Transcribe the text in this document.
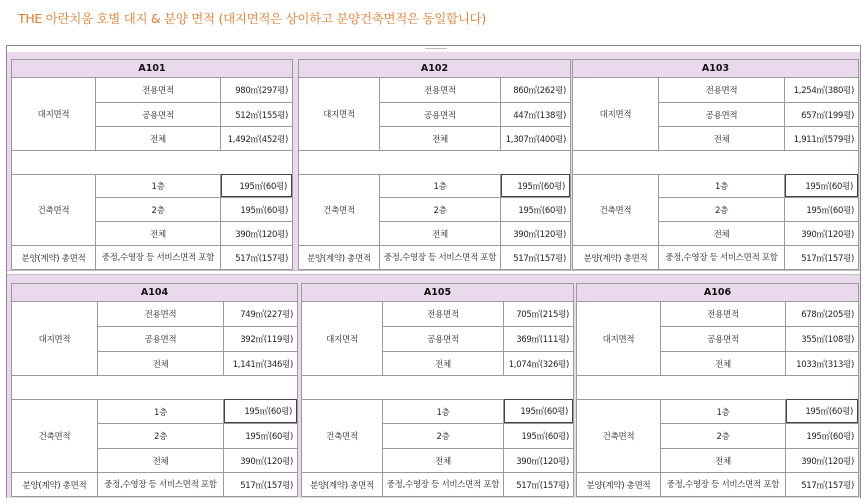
THE 아란치움 호별 대지 & 분양 면적 (대지면적은 상이하고 분양건축면적은 동일합니다)
A101
대지면적
전용면적	980㎡(297평)
공용면적	512㎡(155평)
전체	1,492㎡(452평)
건축면적
1층	195㎡(60평)
2층	195㎡(60평)
전체	390㎡(120평)
분양(계약) 총면적	중정,수영장 등 서비스면적 포함	517㎡(157평)
A102
대지면적
전용면적	860㎡(262평)
공용면적	447㎡(138평)
전체	1,307㎡(400평)
건축면적
1층	195㎡(60평)
2층	195㎡(60평)
전체	390㎡(120평)
분양(계약) 총면적	중정,수영장 등 서비스면적 포함	517㎡(157평)
A103
대지면적
전용면적	1,254㎡(380평)
공용면적	657㎡(199평)
전체	1,911㎡(579평)
건축면적
1층	195㎡(60평)
2층	195㎡(60평)
전체	390㎡(120평)
분양(계약) 총면적	중정,수영장 등 서비스면적 포함	517㎡(157평)
A104
대지면적
전용면적	749㎡(227평)
공용면적	392㎡(119평)
전체	1,141㎡(346평)
건축면적
1층	195㎡(60평)
2층	195㎡(60평)
전체	390㎡(120평)
분양(계약) 총면적	중정,수영장 등 서비스면적 포함	517㎡(157평)
A105
대지면적
전용면적	705㎡(215평)
공용면적	369㎡(111평)
전체	1,074㎡(326평)
건축면적
1층	195㎡(60평)
2층	195㎡(60평)
전체	390㎡(120평)
분양(계약) 총면적	중정,수영장 등 서비스면적 포함	517㎡(157평)
A106
대지면적
전용면적	678㎡(205평)
공용면적	355㎡(108평)
전체	1033㎡(313평)
건축면적
1층	195㎡(60평)
2층	195㎡(60평)
전체	390㎡(120평)
분양(계약) 총면적	중정,수영장 등 서비스면적 포함	517㎡(157평)
